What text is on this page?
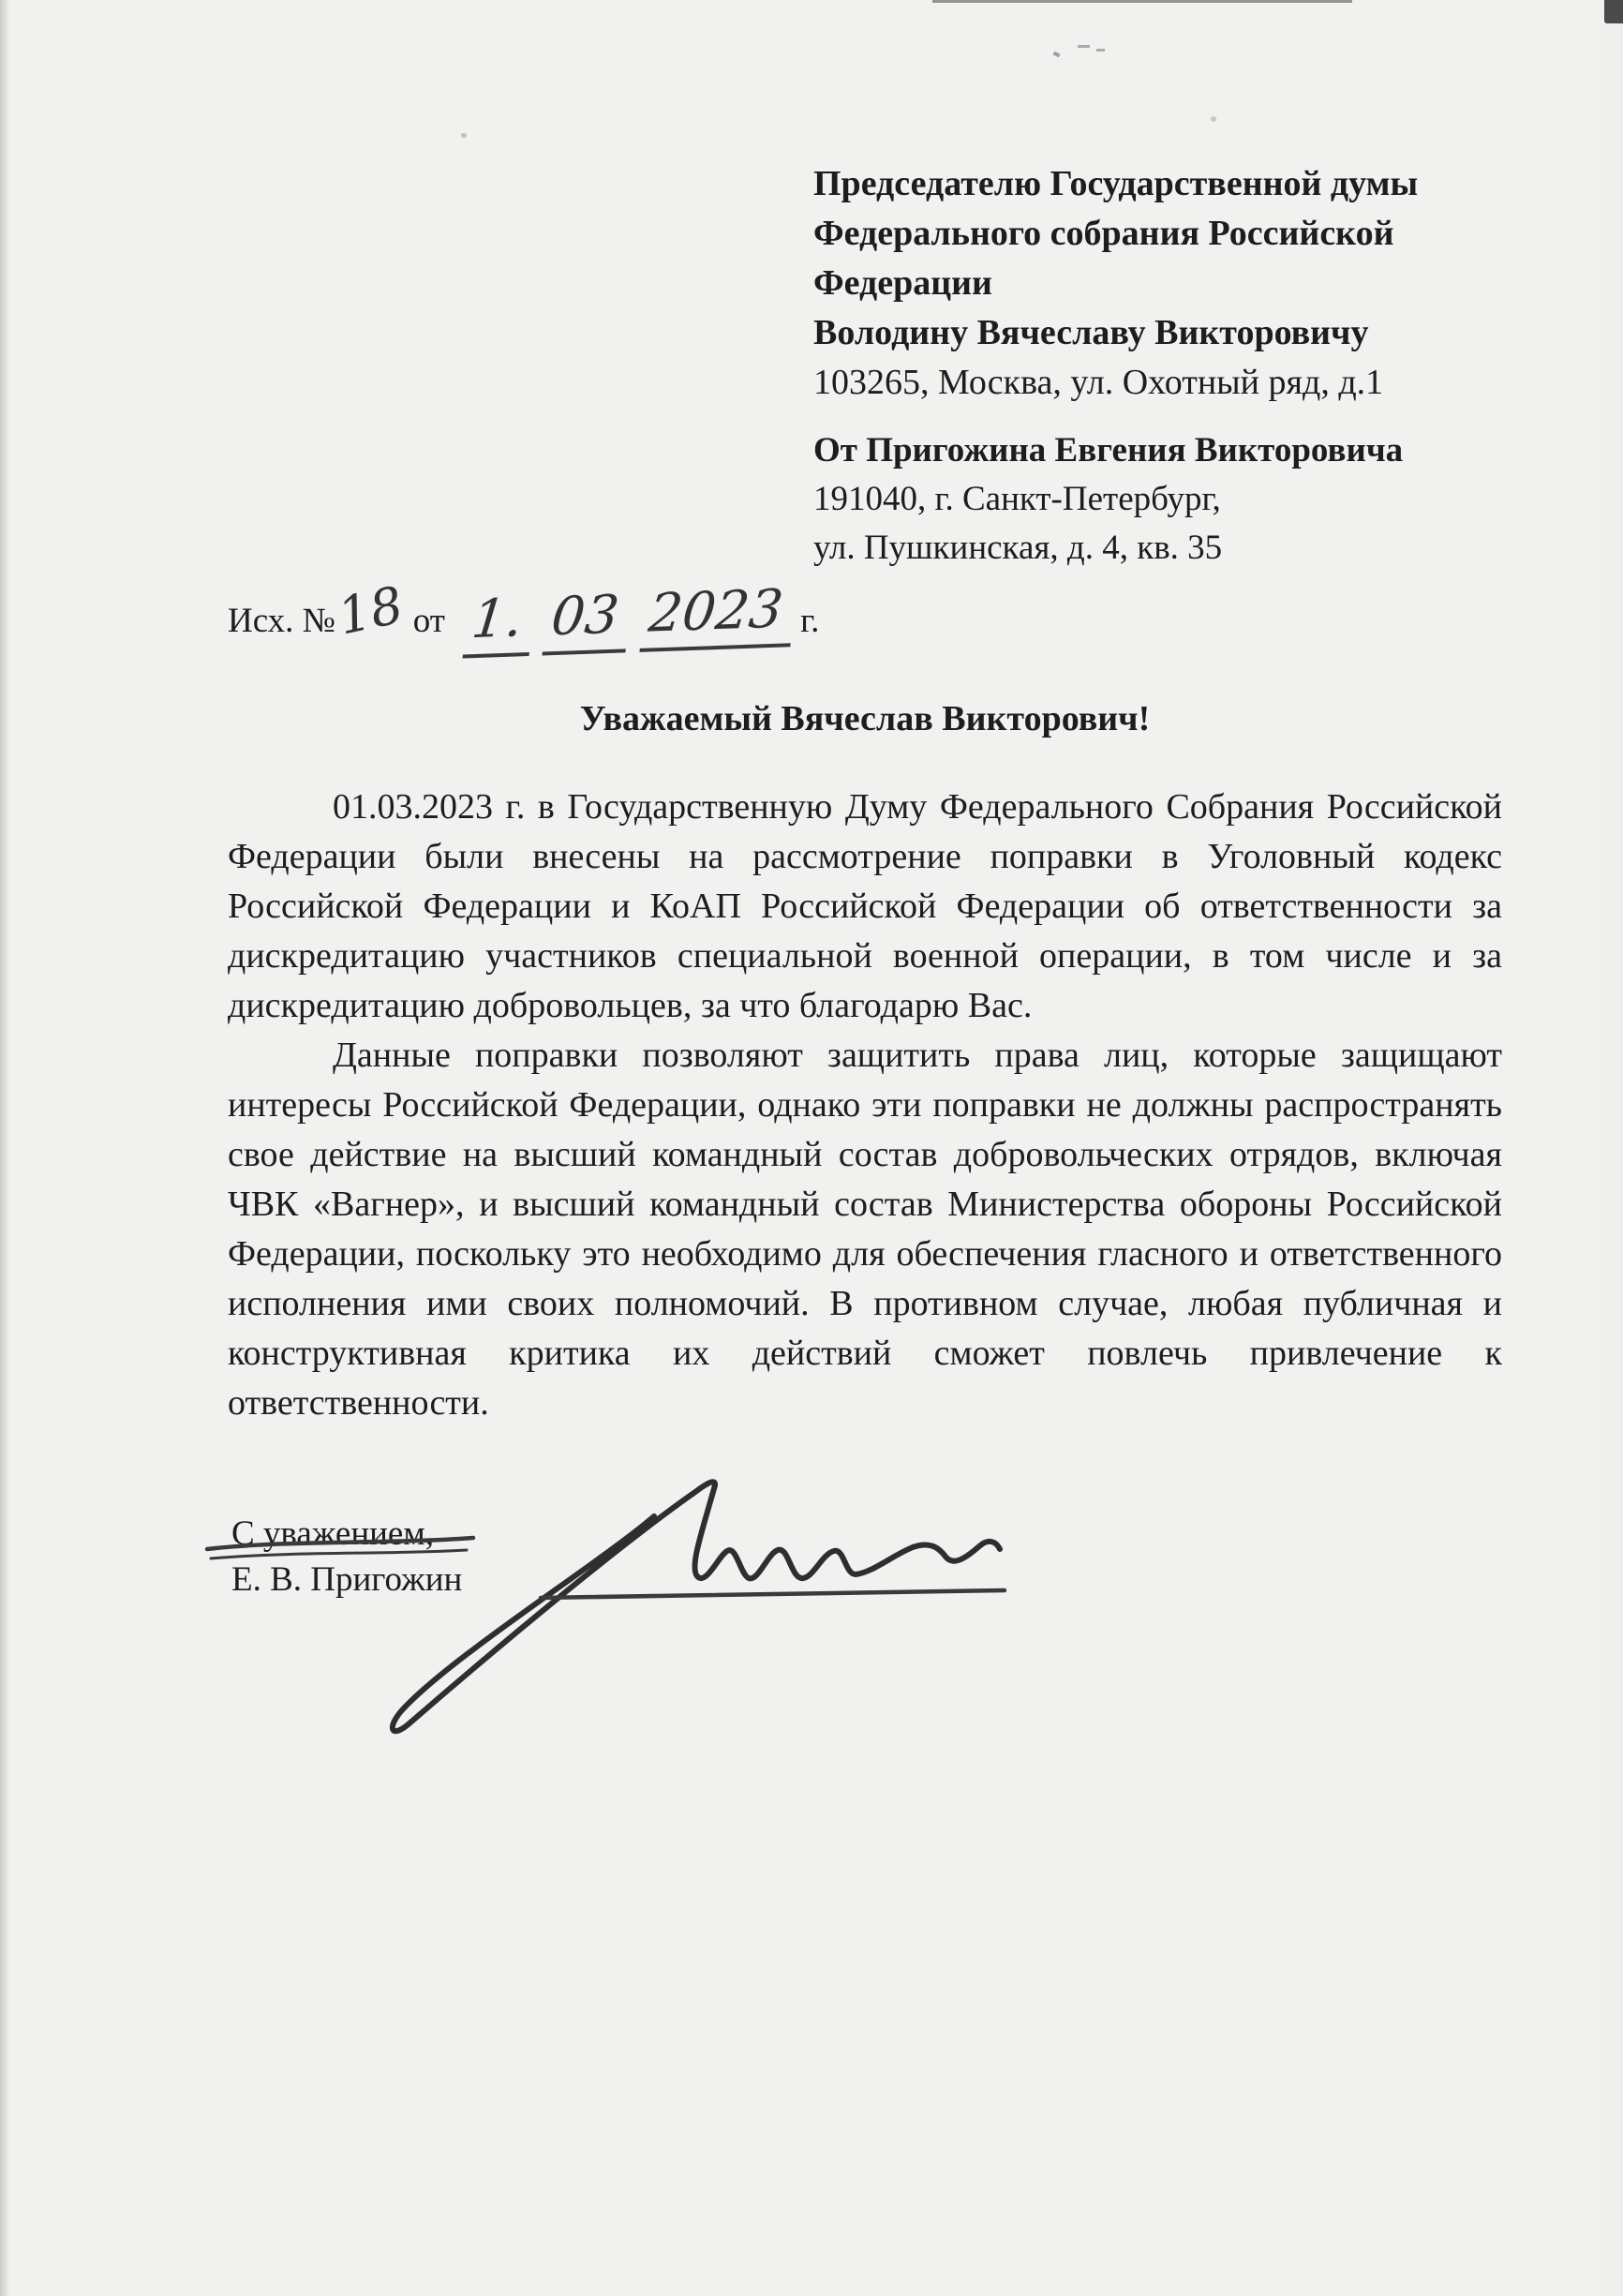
Председателю Государственной думы
Федерального собрания Российской
Федерации
Володину Вячеславу Викторовичу
103265, Москва, ул. Охотный ряд, д.1
От Пригожина Евгения Викторовича
191040, г. Санкт-Петербург,
ул. Пушкинская, д. 4, кв. 35
Исх. №
18 от 1. 03 2023 г.
Уважаемый Вячеслав Викторович!

01.03.2023 г. в Государственную Думу Федерального Собрания Российской Федерации были внесены на рассмотрение поправки в Уголовный кодекс Российской Федерации и КоАП Российской Федерации об ответственности за дискредитацию участников специальной военной операции, в том числе и за дискредитацию добровольцев, за что благодарю Вас.

Данные поправки позволяют защитить права лиц, которые защищают интересы Российской Федерации, однако эти поправки не должны распространять свое действие на высший командный состав добровольческих отрядов, включая ЧВК «Вагнер», и высший командный состав Министерства обороны Российской Федерации, поскольку это необходимо для обеспечения гласного и ответственного исполнения ими своих полномочий. В противном случае, любая публичная и конструктивная критика их действий сможет повлечь привлечение к ответственности.

С уважением,
Е. В. Пригожин
